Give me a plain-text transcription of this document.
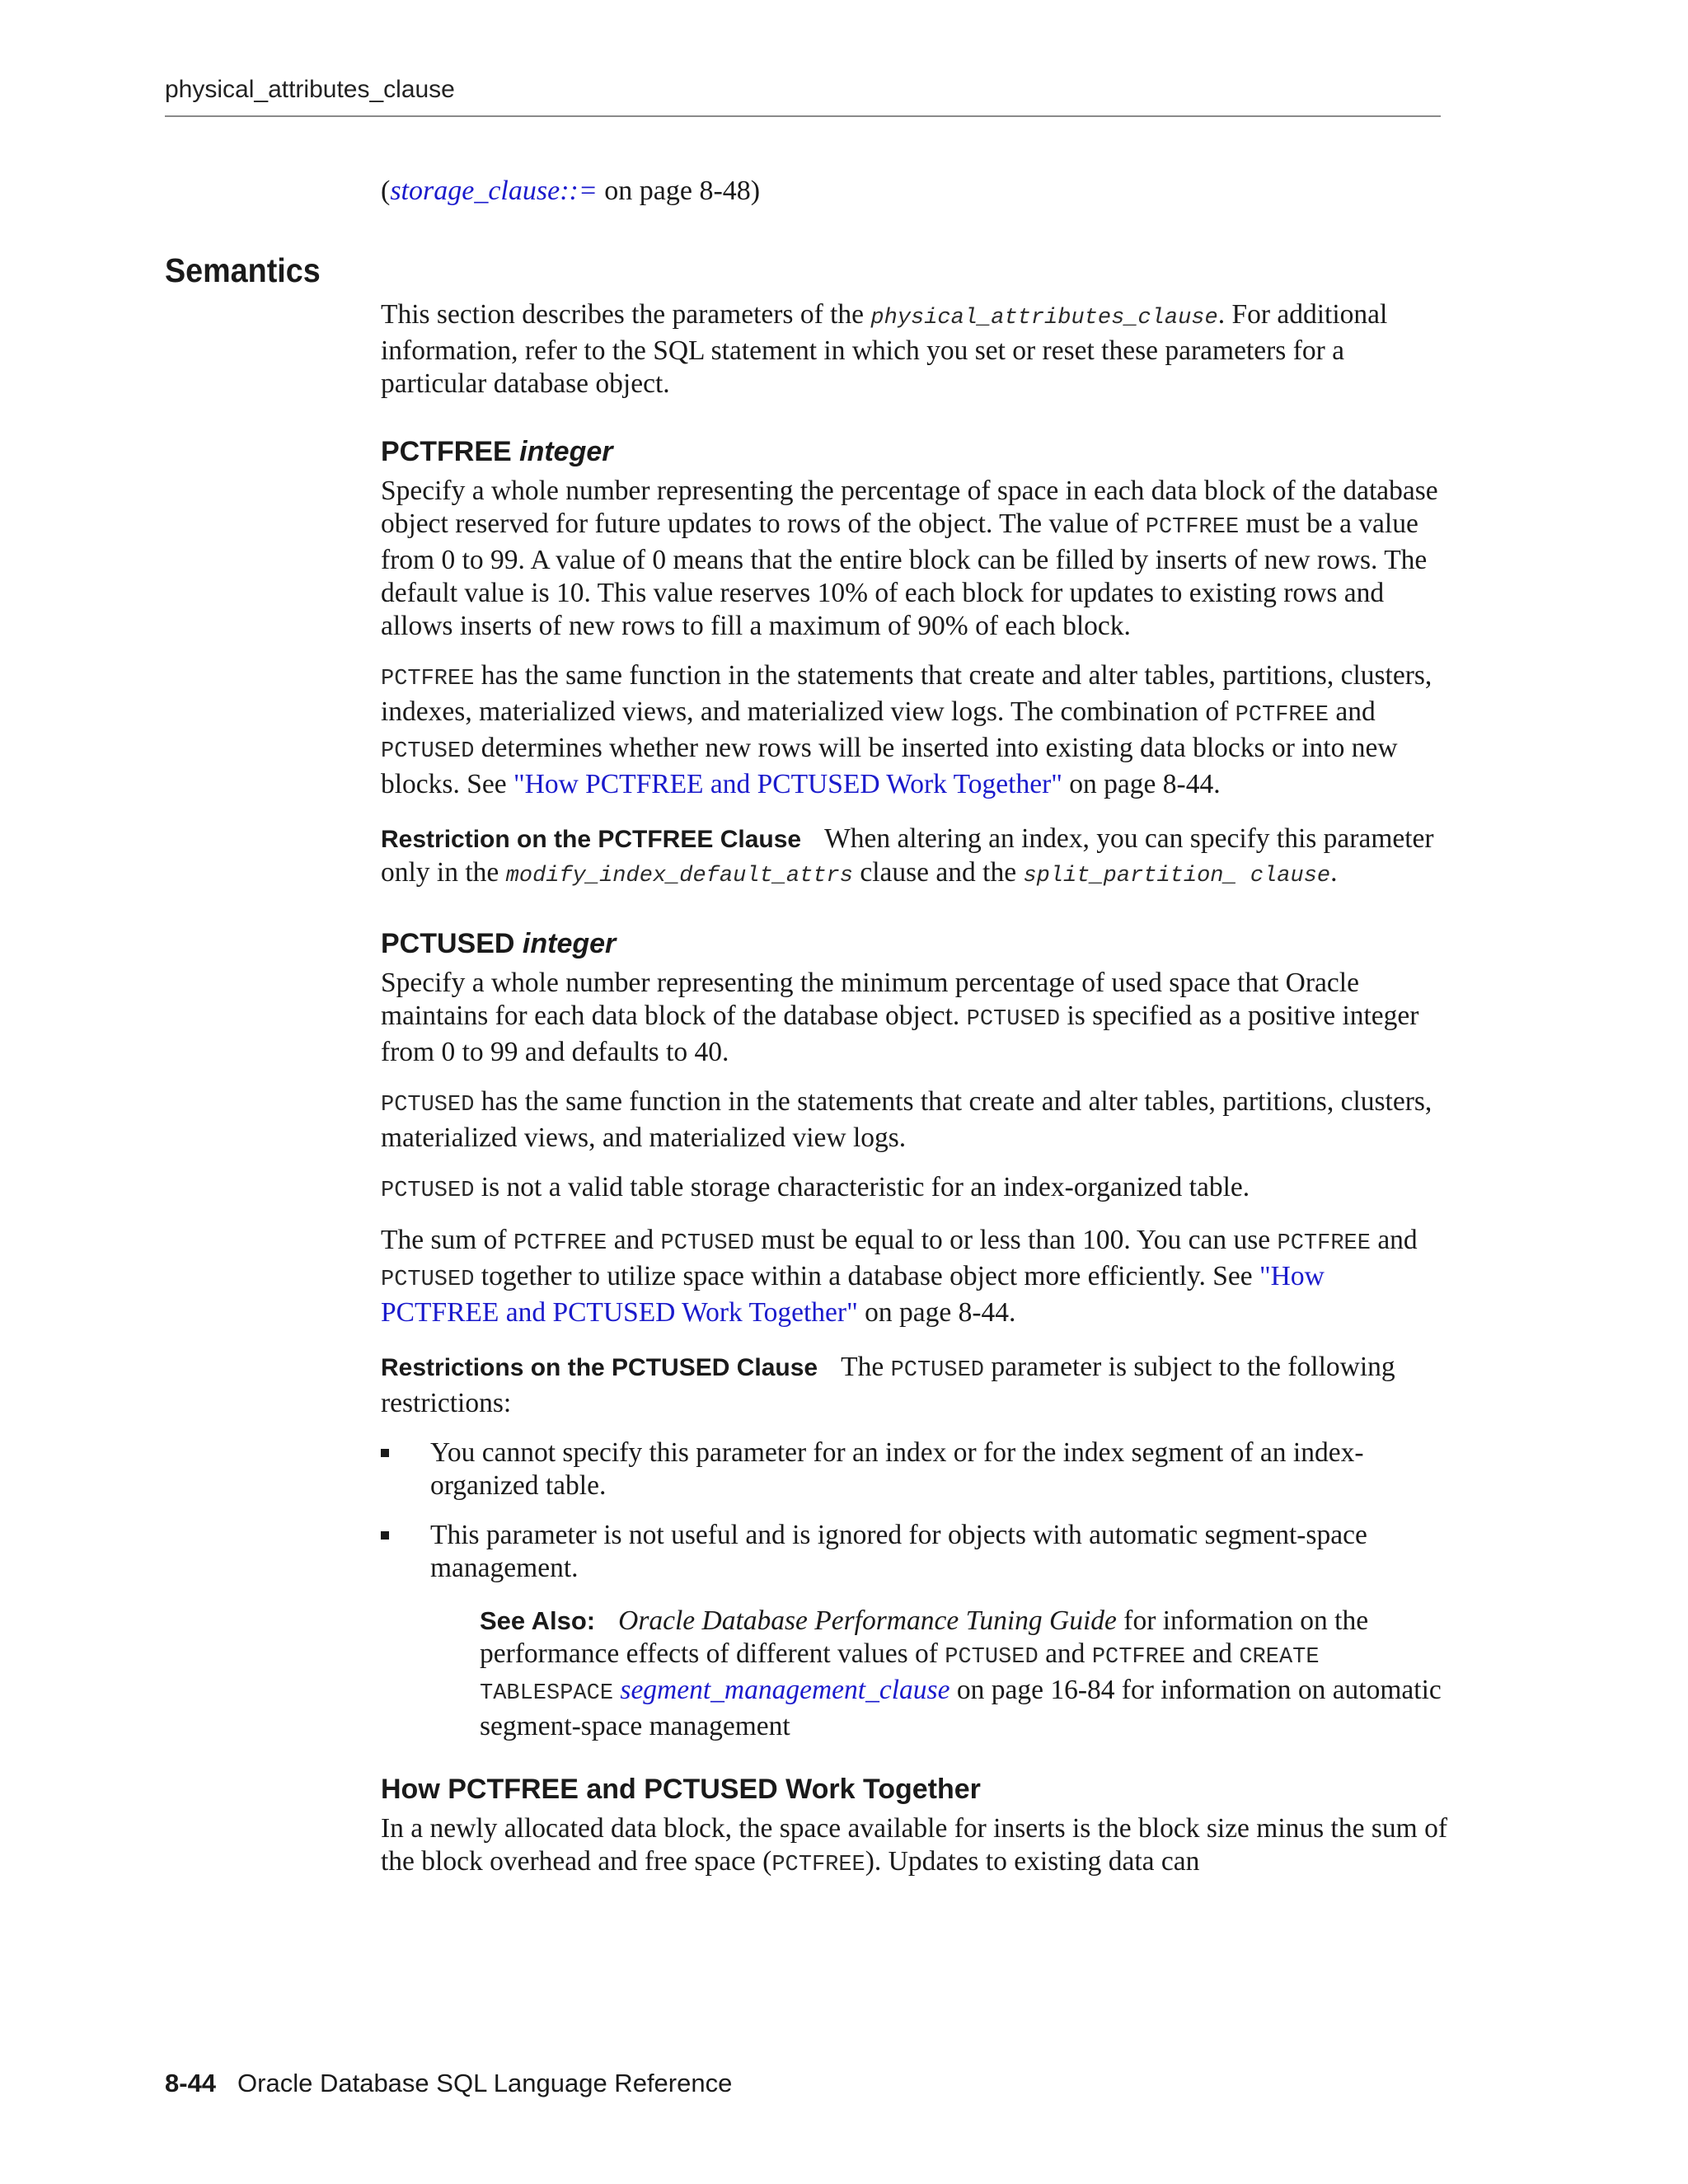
physical_attributes_clause
(storage_clause::= on page 8-48)
Semantics

This section describes the parameters of the physical_attributes_clause. For additional information, refer to the SQL statement in which you set or reset these parameters for a particular database object.

PCTFREE integer

Specify a whole number representing the percentage of space in each data block of the database object reserved for future updates to rows of the object. The value of PCTFREE must be a value from 0 to 99. A value of 0 means that the entire block can be filled by inserts of new rows. The default value is 10. This value reserves 10% of each block for updates to existing rows and allows inserts of new rows to fill a maximum of 90% of each block.

PCTFREE has the same function in the statements that create and alter tables, partitions, clusters, indexes, materialized views, and materialized view logs. The combination of PCTFREE and PCTUSED determines whether new rows will be inserted into existing data blocks or into new blocks. See "How PCTFREE and PCTUSED Work Together" on page 8-44.

Restriction on the PCTFREE Clause When altering an index, you can specify this parameter only in the modify_index_default_attrs clause and the split_partition_ clause.

PCTUSED integer

Specify a whole number representing the minimum percentage of used space that Oracle maintains for each data block of the database object. PCTUSED is specified as a positive integer from 0 to 99 and defaults to 40.

PCTUSED has the same function in the statements that create and alter tables, partitions, clusters, materialized views, and materialized view logs.

PCTUSED is not a valid table storage characteristic for an index-organized table.

The sum of PCTFREE and PCTUSED must be equal to or less than 100. You can use PCTFREE and PCTUSED together to utilize space within a database object more efficiently. See "How PCTFREE and PCTUSED Work Together" on page 8-44.

Restrictions on the PCTUSED Clause The PCTUSED parameter is subject to the following restrictions:

You cannot specify this parameter for an index or for the index segment of an index-organized table.
This parameter is not useful and is ignored for objects with automatic segment-space management.
See Also: Oracle Database Performance Tuning Guide for information on the performance effects of different values of PCTUSED and PCTFREE and CREATE TABLESPACE segment_management_clause on page 16-84 for information on automatic segment-space management
How PCTFREE and PCTUSED Work Together

In a newly allocated data block, the space available for inserts is the block size minus the sum of the block overhead and free space (PCTFREE). Updates to existing data can

8-44 Oracle Database SQL Language Reference
